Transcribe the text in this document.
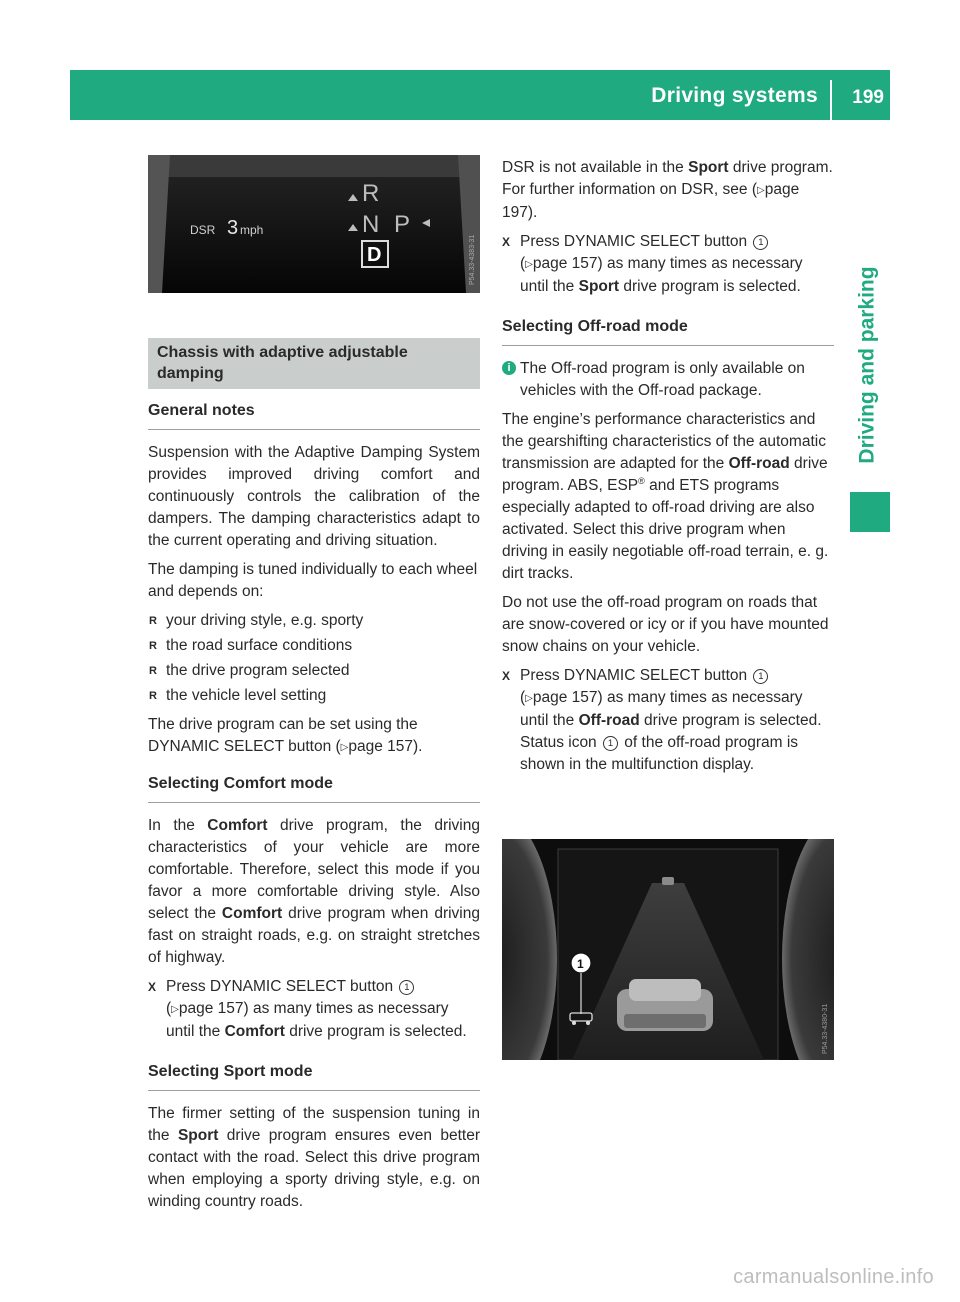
Driving systems 199
Driving and parking
DSR 3 mph
R
N P
D	P54.33-4383-31
Chassis with adaptive adjustable damping
General notes

Suspension with the Adaptive Damping System provides improved driving comfort and continuously controls the calibration of the dampers. The damping characteristics adapt to the current operating and driving situation.

The damping is tuned individually to each wheel and depends on:

R your driving style, e.g. sporty
R the road surface conditions
R the drive program selected
R the vehicle level setting

The drive program can be set using the DYNAMIC SELECT button (▷page 157).

Selecting Comfort mode

In the Comfort drive program, the driving characteristics of your vehicle are more comfortable. Therefore, select this mode if you favor a more comfortable driving style. Also select the Comfort drive program when driving fast on straight roads, e.g. on straight stretches of highway.

X Press DYNAMIC SELECT button 1
(▷page 157) as many times as necessary until the Comfort drive program is selected.
Selecting Sport mode

The firmer setting of the suspension tuning in the Sport drive program ensures even better contact with the road. Select this drive program when employing a sporty driving style, e.g. on winding country roads.

DSR is not available in the Sport drive program. For further information on DSR, see (▷page 197).

X Press DYNAMIC SELECT button 1
(▷page 157) as many times as necessary until the Sport drive program is selected.
Selecting Off-road mode
i The Off-road program is only available on vehicles with the Off-road package.

The engine’s performance characteristics and the gearshifting characteristics of the automatic transmission are adapted for the Off-road drive program. ABS, ESP® and ETS programs especially adapted to off-road driving are also activated. Select this drive program when driving in easily negotiable off-road terrain, e. g. dirt tracks.

Do not use the off-road program on roads that are snow-covered or icy or if you have mounted snow chains on your vehicle.

X Press DYNAMIC SELECT button 1
(▷page 157) as many times as necessary until the Off-road drive program is selected.
Status icon 1 of the off-road program is shown in the multifunction display.
1
P54.33-4380-31
carmanualsonline.info
